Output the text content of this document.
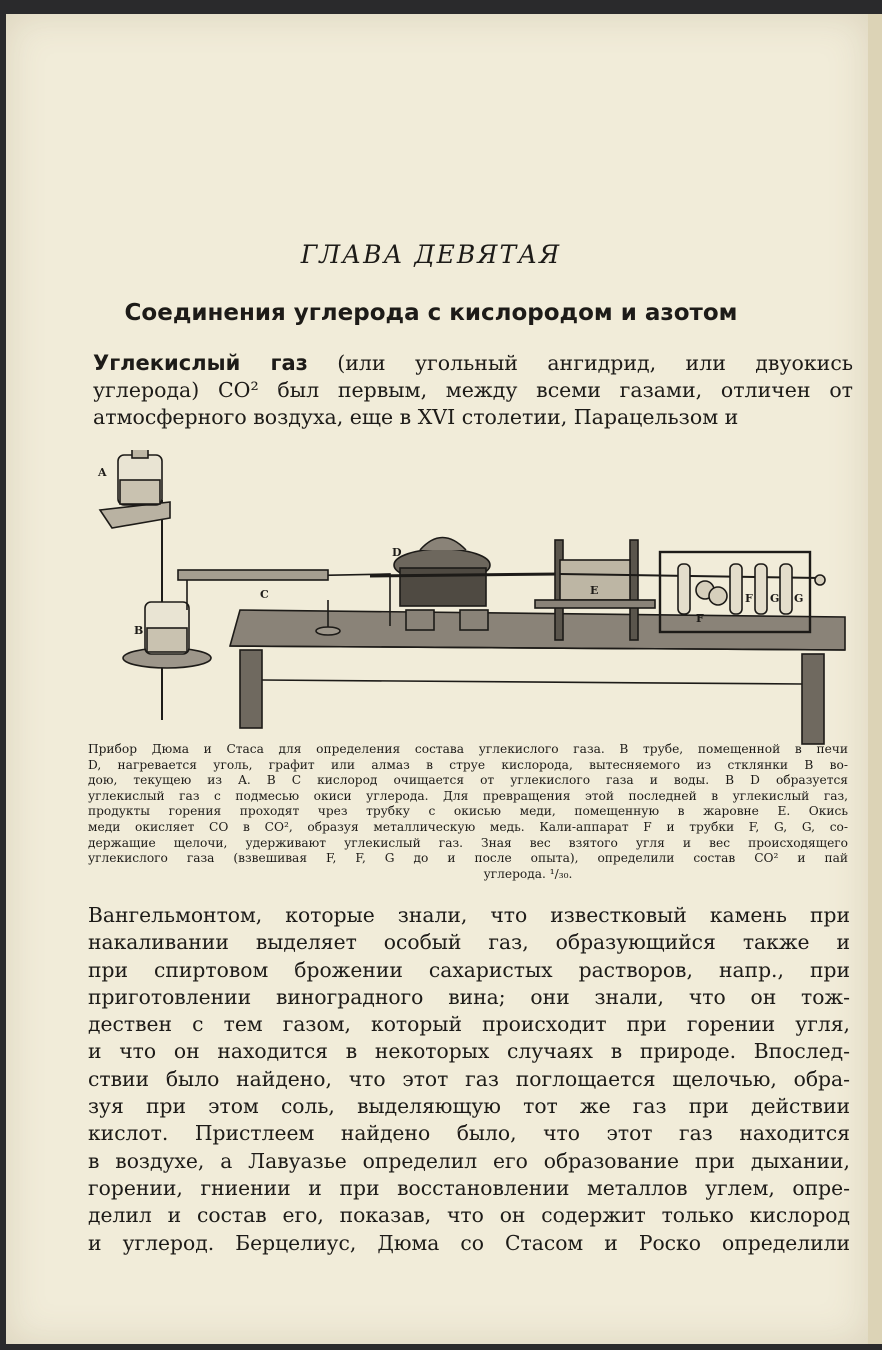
ГЛАВА ДЕВЯТАЯ
Соединения углерода с кислородом и азотом
Углекислый газ (или угольный ангидрид, или двуокись
углерода) CO² был первым, между всеми газами, отличен от
атмосферного воздуха, еще в XVI столетии, Парацельзом и
A
B
C
D
E
F
F G G
Прибор Дюма и Стаса для определения состава углекислого газа. В трубе, помещенной в печи
D, нагревается уголь, графит или алмаз в струе кислорода, вытесняемого из стклянки B во-
дою, текущею из A. В C кислород очищается от углекислого газа и воды. В D образуется
углекислый газ с подмесью окиси углерода. Для превращения этой последней в углекислый газ,
продукты горения проходят чрез трубку с окисью меди, помещенную в жаровне E. Окись
меди окисляет CO в CO², образуя металлическую медь. Кали-аппарат F и трубки F, G, G, со-
держащие щелочи, удерживают углекислый газ. Зная вес взятого угля и вес происходящего
углекислого газа (взвешивая F, F, G до и после опыта), определили состав CO² и пай
углерода. ¹/₃₀.
Вангельмонтом, которые знали, что известковый камень при
накаливании выделяет особый газ, образующийся также и
при спиртовом брожении сахаристых растворов, напр., при
приготовлении виноградного вина; они знали, что он тож-
дествен с тем газом, который происходит при горении угля,
и что он находится в некоторых случаях в природе. Впослед-
ствии было найдено, что этот газ поглощается щелочью, обра-
зуя при этом соль, выделяющую тот же газ при действии
кислот. Пристлеем найдено было, что этот газ находится
в воздухе, а Лавуазье определил его образование при дыхании,
горении, гниении и при восстановлении металлов углем, опре-
делил и состав его, показав, что он содержит только кислород
и углерод. Берцелиус, Дюма со Стасом и Роско определили
